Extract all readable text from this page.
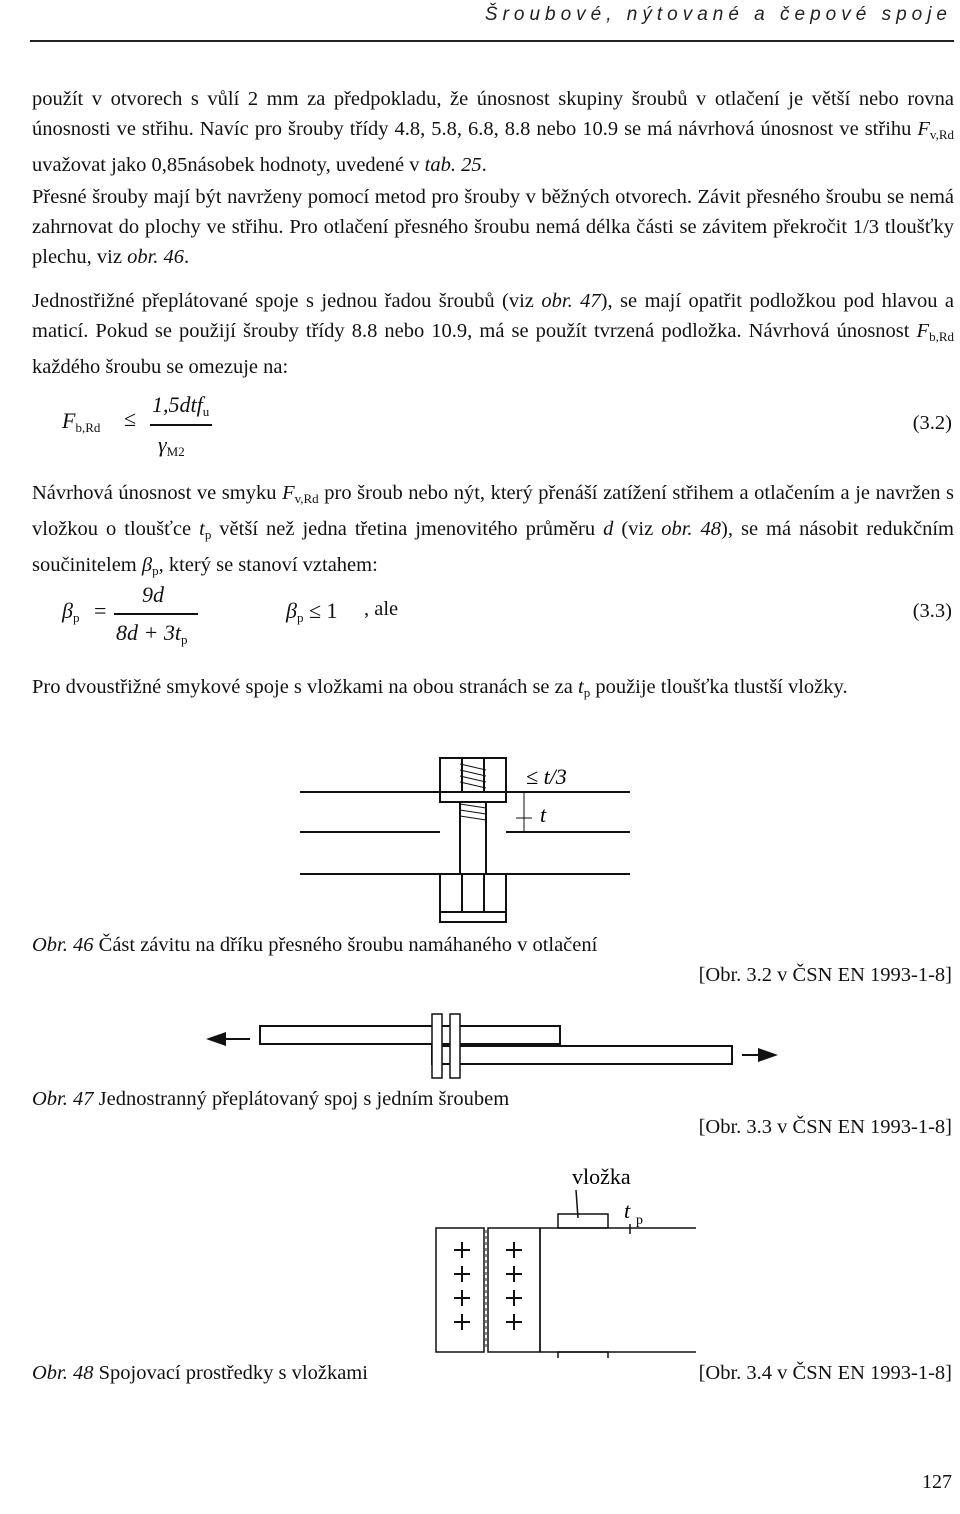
Šroubové, nýtované a čepové spoje

použít v otvorech s vůlí 2 mm za předpokladu, že únosnost skupiny šroubů v otlačení je větší nebo rovna únosnosti ve střihu. Navíc pro šrouby třídy 4.8, 5.8, 6.8, 8.8 nebo 10.9 se má návrhová únosnost ve střihu $F_{v,Rd}$ uvažovat jako 0,85násobek hodnoty, uvedené v tab. 25.

Přesné šrouby mají být navrženy pomocí metod pro šrouby v běžných otvorech. Závit přesného šroubu se nemá zahrnovat do plochy ve střihu. Pro otlačení přesného šroubu nemá délka části se závitem překročit 1/3 tloušťky plechu, viz obr. 46.

Jednostřižné přeplátované spoje s jednou řadou šroubů (viz obr. 47), se mají opatřit podložkou pod hlavou a maticí. Pokud se použijí šrouby třídy 8.8 nebo 10.9, má se použít tvrzená podložka. Návrhová únosnost $F_{b,Rd}$ každého šroubu se omezuje na:

$F_{b,Rd}$ ≤
1,5dtf$_u$
$\gamma_{M2}$
(3.2)

Návrhová únosnost ve smyku $F_{v,Rd}$ pro šroub nebo nýt, který přenáší zatížení střihem a otlačením a je navržen s vložkou o tloušťce $t_p$ větší než jedna třetina jmenovitého průměru d (viz obr. 48), se má násobit redukčním součinitelem $\beta_p$, který se stanoví vztahem:

$\beta_p$ =
9d
$8d + 3t_p$
$\beta_p \le 1$ , ale	(3.3)

Pro dvoustřižné smykové spoje s vložkami na obou stranách se za $t_p$ použije tloušťka tlustší vložky.

≤ t/3
t
Obr. 46 Část závitu na dříku přesného šroubu namáhaného v otlačení
[Obr. 3.2 v ČSN EN 1993-1-8]
Obr. 47 Jednostranný přeplátovaný spoj s jedním šroubem
[Obr. 3.3 v ČSN EN 1993-1-8]
vložka
t p
Obr. 48 Spojovací prostředky s vložkami	[Obr. 3.4 v ČSN EN 1993-1-8]
127
